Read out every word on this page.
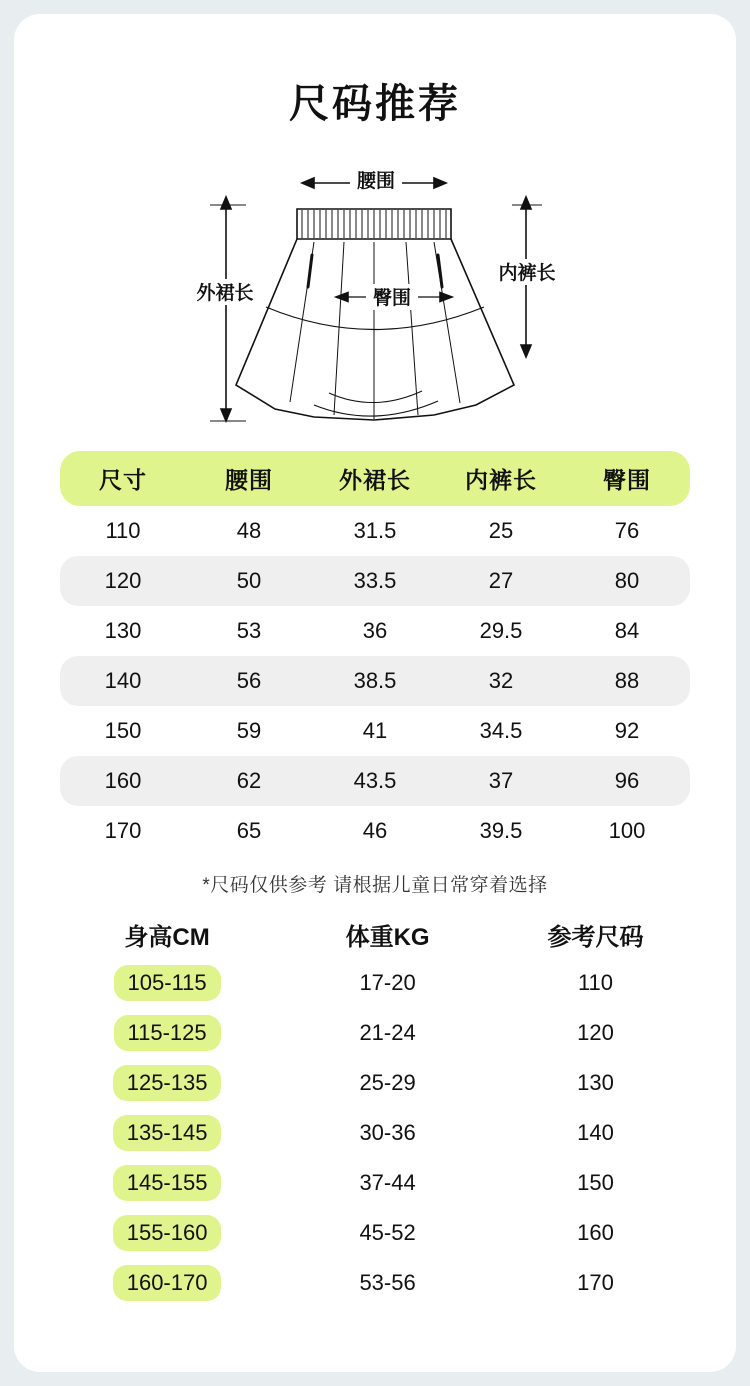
尺码推荐
腰围
外裙长
内裤长
臀围
尺寸	腰围	外裙长	内裤长	臀围
110	48	31.5	25	76
120	50	33.5	27	80
130	53	36	29.5	84
140	56	38.5	32	88
150	59	41	34.5	92
160	62	43.5	37	96
170	65	46	39.5	100
*尺码仅供参考 请根据儿童日常穿着选择
身高CM	体重KG	参考尺码
105-115	17-20	110
115-125	21-24	120
125-135	25-29	130
135-145	30-36	140
145-155	37-44	150
155-160	45-52	160
160-170	53-56	170
